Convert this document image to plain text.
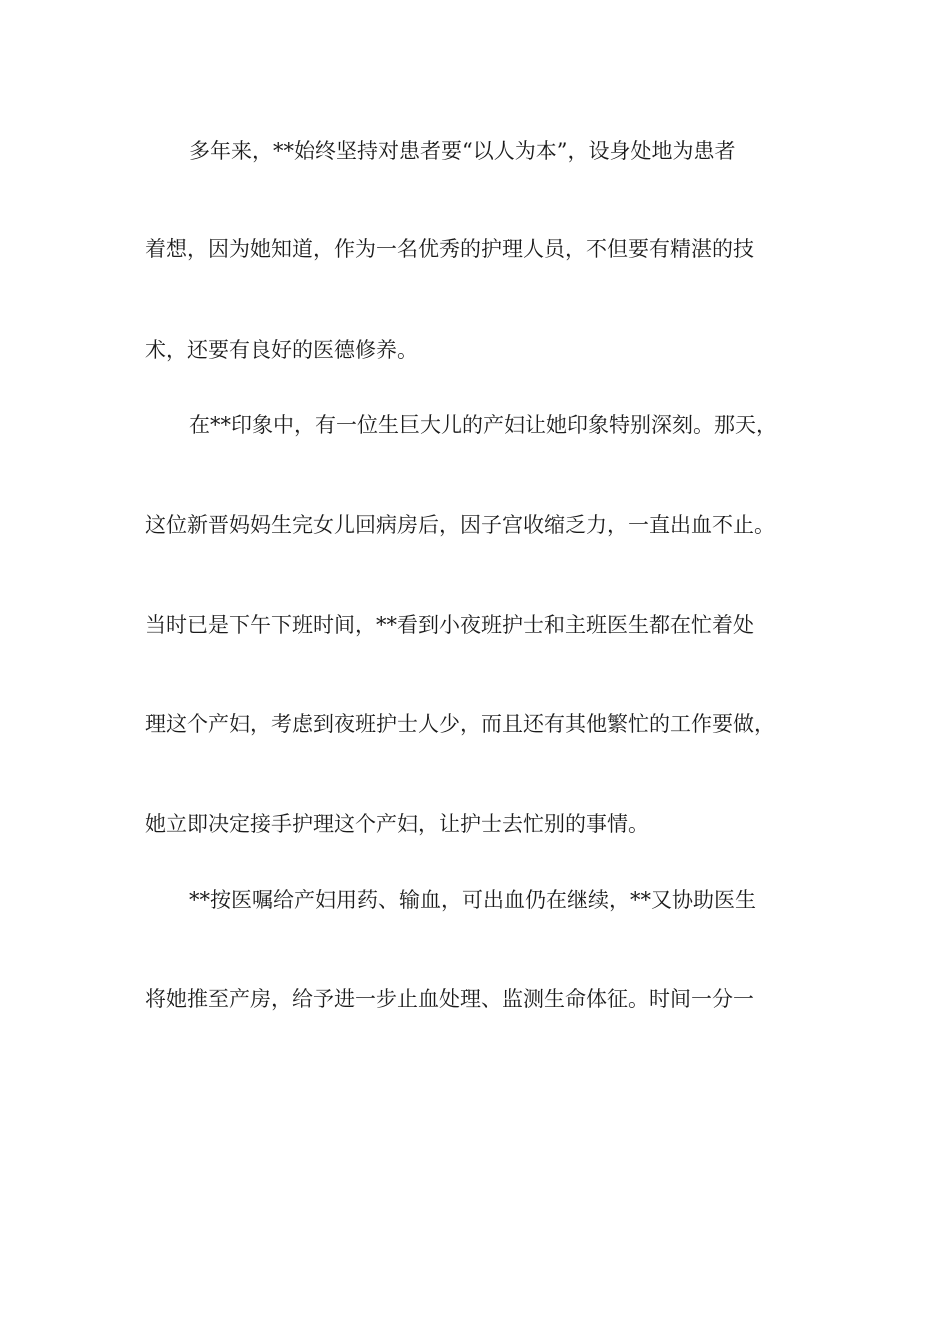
多年来，**始终坚持对患者要“以人为本”，设身处地为患者
着想，因为她知道，作为一名优秀的护理人员，不但要有精湛的技
术，还要有良好的医德修养。
在**印象中，有一位生巨大儿的产妇让她印象特别深刻。那天，
这位新晋妈妈生完女儿回病房后，因子宫收缩乏力，一直出血不止。
当时已是下午下班时间，**看到小夜班护士和主班医生都在忙着处
理这个产妇，考虑到夜班护士人少，而且还有其他繁忙的工作要做，
她立即决定接手护理这个产妇，让护士去忙别的事情。
**按医嘱给产妇用药、输血，可出血仍在继续，**又协助医生
将她推至产房，给予进一步止血处理、监测生命体征。时间一分一
